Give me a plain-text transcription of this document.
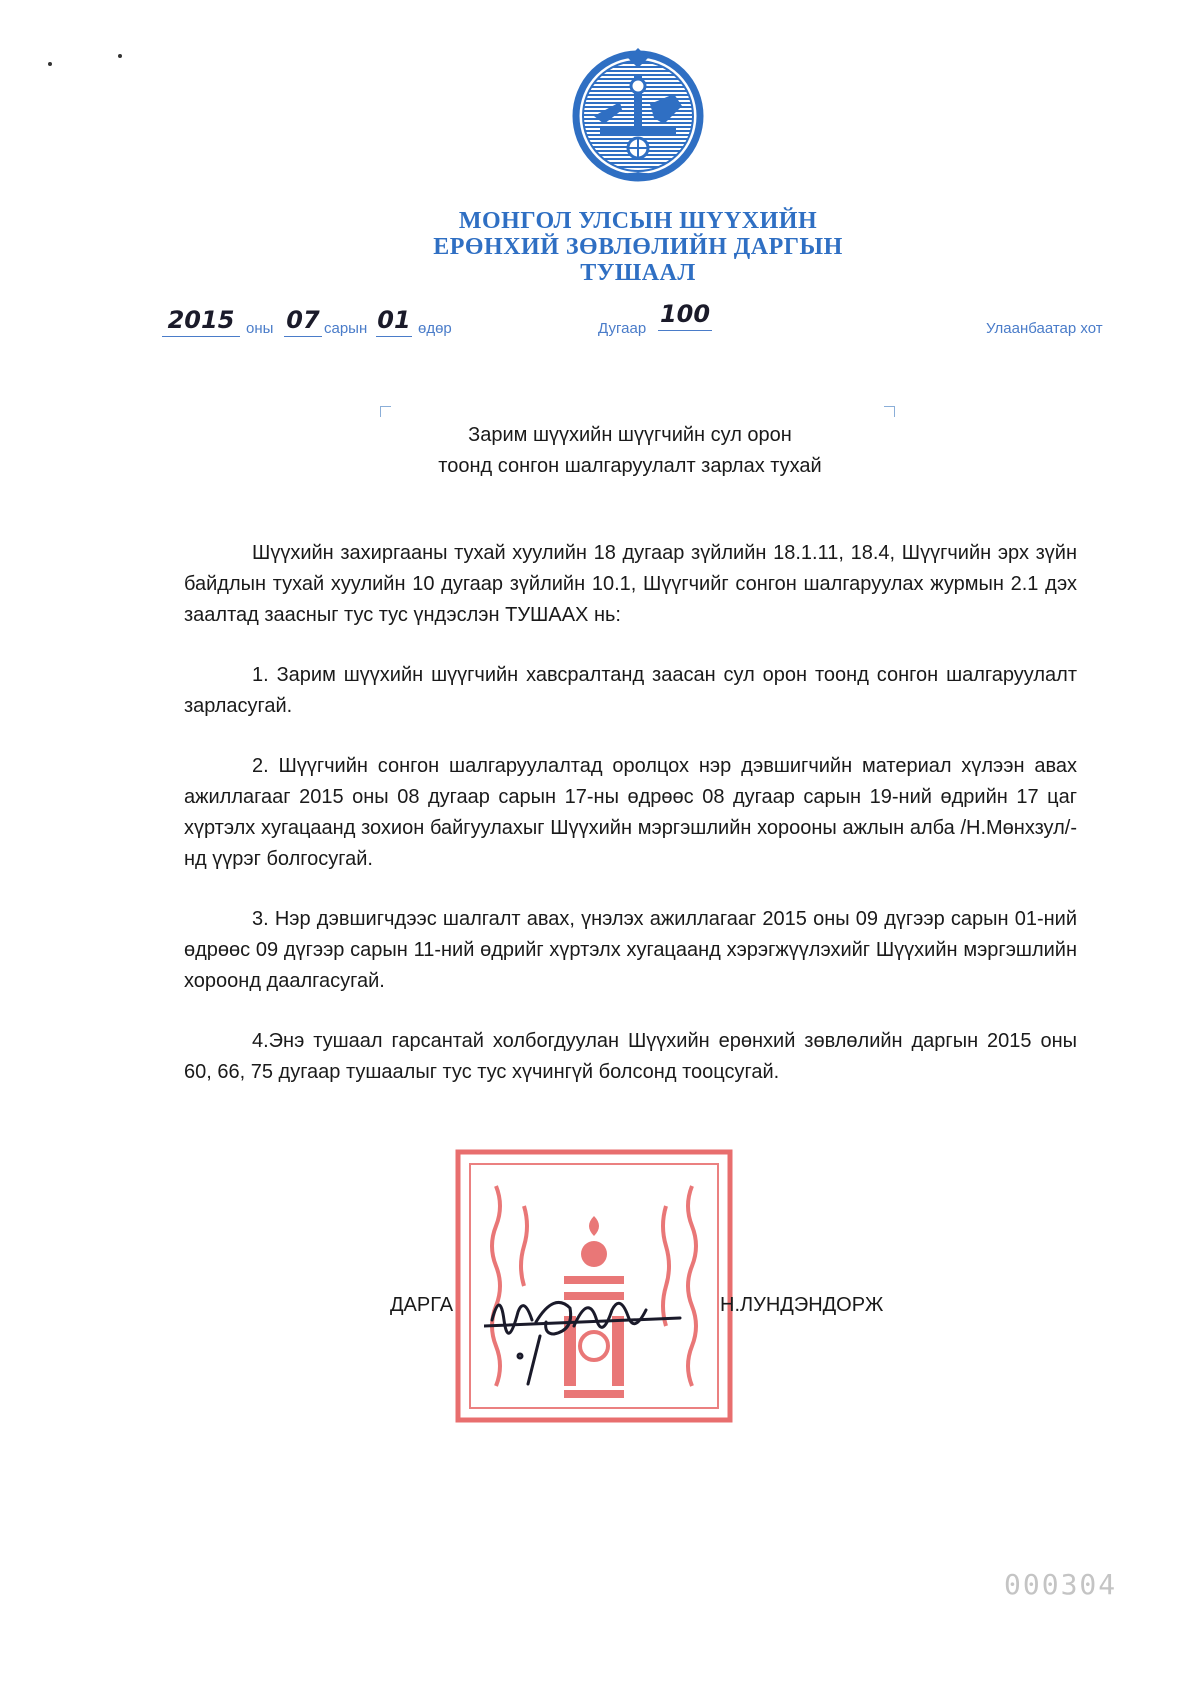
МОНГОЛ УЛСЫН ШҮҮХИЙН
ЕРӨНХИЙ ЗӨВЛӨЛИЙН ДАРГЫН
ТУШААЛ
2015 оны 07 сарын 01 өдөр	Дугаар
100
Улаанбаатар хот
Зарим шүүхийн шүүгчийн сул орон
тоонд сонгон шалгаруулалт зарлах тухай

Шүүхийн захиргааны тухай хуулийн 18 дугаар зүйлийн 18.1.11, 18.4, Шүүгчийн эрх зүйн байдлын тухай хуулийн 10 дугаар зүйлийн 10.1, Шүүгчийг сонгон шалгаруулах журмын 2.1 дэх заалтад заасныг тус тус үндэслэн ТУШААХ нь:

1. Зарим шүүхийн шүүгчийн хавсралтанд заасан сул орон тоонд сонгон шалгаруулалт зарласугай.

2. Шүүгчийн сонгон шалгаруулалтад оролцох нэр дэвшигчийн материал хүлээн авах ажиллагааг 2015 оны 08 дугаар сарын 17-ны өдрөөс 08 дугаар сарын 19-ний өдрийн 17 цаг хүртэлх хугацаанд зохион байгуулахыг Шүүхийн мэргэшлийн хорооны ажлын алба /Н.Мөнхзул/-нд үүрэг болгосугай.

3. Нэр дэвшигчдээс шалгалт авах, үнэлэх ажиллагааг 2015 оны 09 дүгээр сарын 01-ний өдрөөс 09 дүгээр сарын 11-ний өдрийг хүртэлх хугацаанд хэрэгжүүлэхийг Шүүхийн мэргэшлийн хороонд даалгасугай.

4.Энэ тушаал гарсантай холбогдуулан Шүүхийн ерөнхий зөвлөлийн даргын 2015 оны 60, 66, 75 дугаар тушаалыг тус тус хүчингүй болсонд тооцсугай.

ДАРГА	Н.ЛУНДЭНДОРЖ
000304
